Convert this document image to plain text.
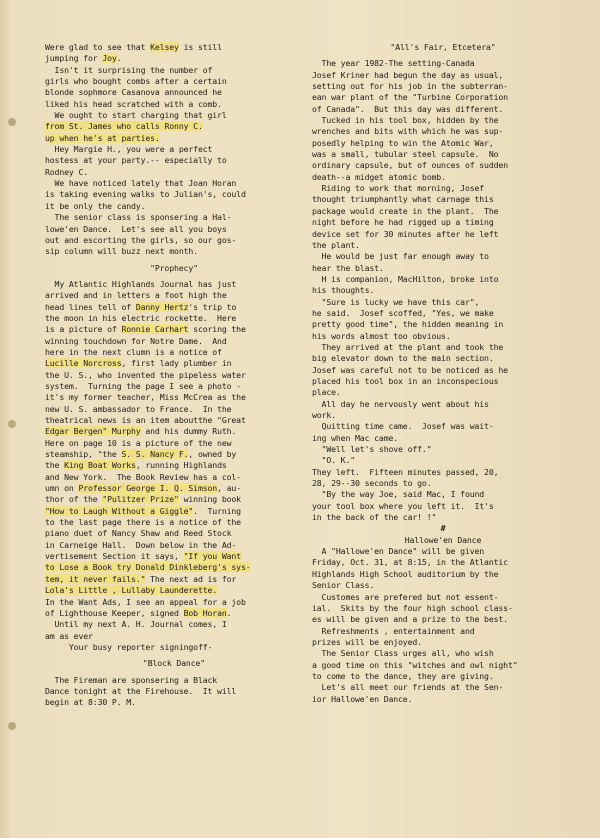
Were glad to see that Kelsey is still
jumping for Joy.
Isn't it surprising the number of
girls who bought combs after a certain
blonde sophmore Casanova announced he
liked his head scratched with a comb.
We ought to start charging that girl
from St. James who calls Ronny C.
up when he's at parties.
Hey Margie H., you were a perfect
hostess at your party.-- especially to
Rodney C.
We have noticed lately that Joan Horan
is taking evening walks to Julian's, could
it be only the candy.
The senior class is sponsering a Hal-
lowe'en Dance.  Let's see all you boys
out and escorting the girls, so our gos-
sip column will buzz next month.
"Prophecy"
My Atlantic Highlands Journal has just
arrived and in letters a foot high the
head lines tell of Danny Hertz's trip to
the moon in his electric rockette.  Here
is a picture of Ronnie Carhart scoring the
winning touchdown for Notre Dame.  And
here in the next clumn is a notice of
Lucille Norcross, first lady plumber in
the U. S., who invented the pipeless water
system.  Turning the page I see a photo -
it's my former teacher, Miss McCrea as the
new U. S. ambassador to France.  In the
theatrical news is an item aboutthe "Great
Edgar Bergen" Murphy and his dummy Ruth.
Here on page 10 is a picture of the new
steamship, "the S. S. Nancy F., owned by
the King Boat Works, running Highlands
and New York.  The Book Review has a col-
umn on Professor George I. Q. Simson, au-
thor of the "Pulitzer Prize" winning book
"How to Laugh Without a Giggle".  Turning
to the last page there is a notice of the
piano duet of Nancy Shaw and Reed Stock
in Carneige Hall.  Down below in the Ad-
vertisement Section it says, "If you Want
to Lose a Book try Donald Dinkleberg's sys-
tem, it never fails." The next ad is for
Lola's Little , Lullaby Launderette.
In the Want Ads, I see an appeal for a job
of Lighthouse Keeper, signed Bob Horan.
Until my next A. H. Journal comes, I
am as ever
Your busy reporter signingoff-
"Block Dance"
The Fireman are sponsering a Black
Dance tonight at the Firehouse.  It will
begin at 8:30 P. M.
"All's Fair, Etcetera"
The year 1982-The setting-Canada
Josef Kriner had begun the day as usual,
setting out for his job in the subterran-
ean war plant of the "Turbine Corporation
of Canada".  But this day was different.
Tucked in his tool box, hidden by the
wrenches and bits with which he was sup-
posedly helping to win the Atomic War,
was a small, tubular steel capsule.  No
ordinary capsule, but of ounces of sudden
death--a midget atomic bomb.
Riding to work that morning, Josef
thought triumphantly what carnage this
package would create in the plant.  The
night before he had rigged up a timing
device set for 30 minutes after he left
the plant.
He would be just far enough away to
hear the blast.
H is companion, MacHilton, broke into
his thoughts.
"Sure is lucky we have this car",
he said.  Josef scoffed, "Yes, we make
pretty good time", the hidden meaning in
his words almost too obvious.
They arrived at the plant and took the
big elevator down to the main section.
Josef was careful not to be noticed as he
placed his tool box in an inconspecious
place.
All day he nervously went about his
work.
Quitting time came.  Josef was wait-
ing when Mac came.
"Well let's shove off."
"O. K."
They left.  Fifteen minutes passed, 20,
28, 29--30 seconds to go.
"By the way Joe, said Mac, I found
your tool box where you left it.  It's
in the back of the car! !"
#
Hallowe'en Dance
A "Hallowe'en Dance" will be given
Friday, Oct. 31, at 8:15, in the Atlantic
Highlands High School auditorium by the
Senior Class.
Customes are prefered but not essent-
ial.  Skits by the four high school class-
es will be given and a prize to the best.
Refreshments , entertainment and
prizes will be enjoyed.
The Senior Class urges all, who wish
a good time on this "witches and owl night"
to come to the dance, they are giving.
Let's all meet our friends at the Sen-
ior Hallowe'en Dance.
